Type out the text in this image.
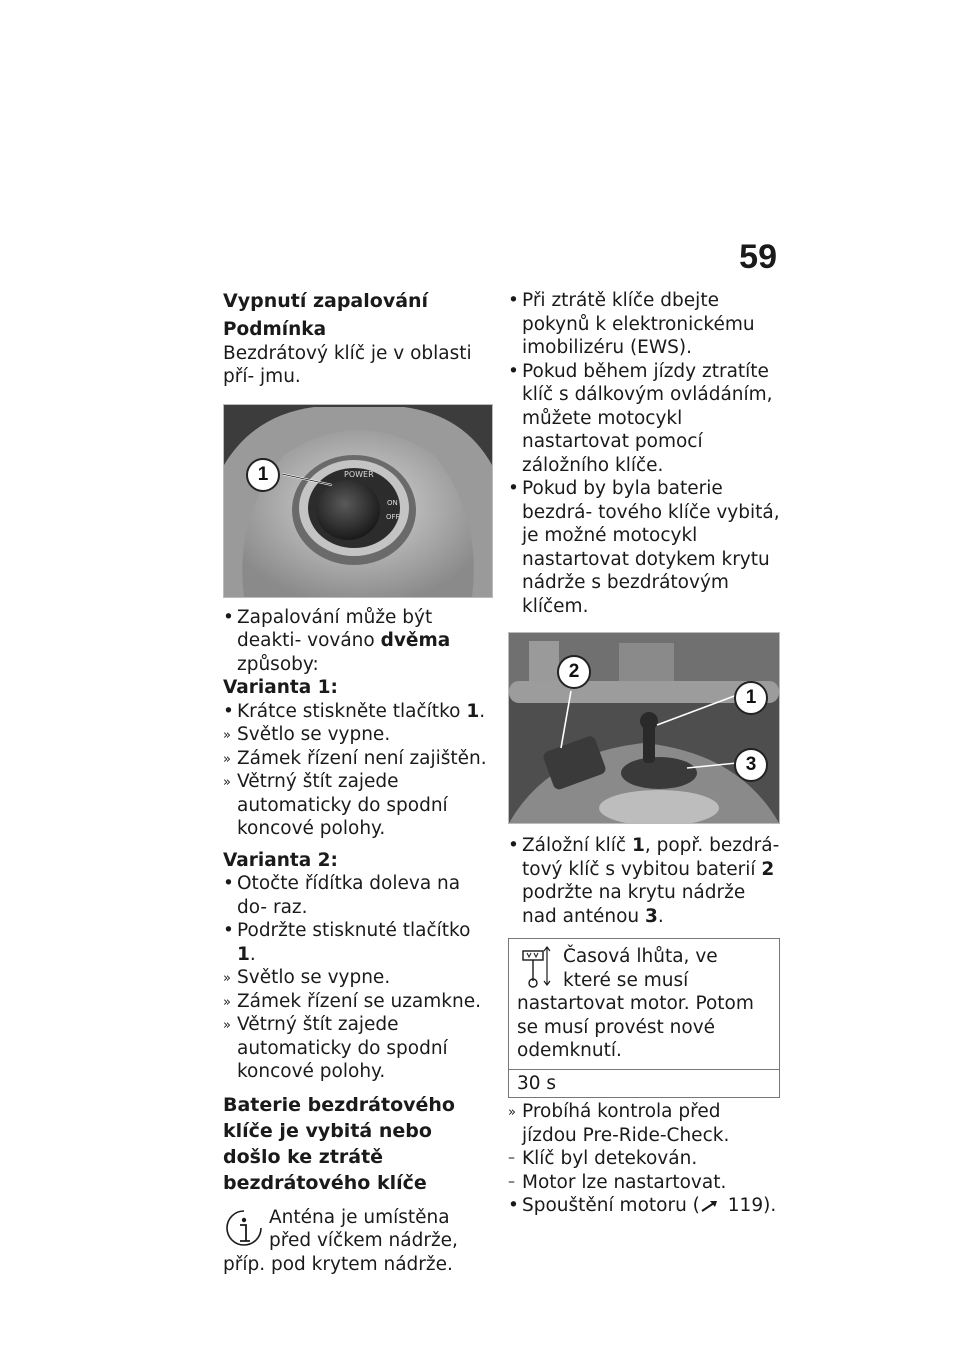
59

Vypnutí zapalování

Podmínka

Bezdrátový klíč je v oblasti pří- jmu.

POWER
ON
OFF
1

• Zapalování může být deakti- vováno dvěma způsoby:

Varianta 1:

• Krátce stiskněte tlačítko 1.

» Světlo se vypne.

» Zámek řízení není zajištěn.

» Větrný štít zajede automaticky do spodní koncové polohy.

Varianta 2:

• Otočte řídítka doleva na do- raz.

• Podržte stisknuté tlačítko 1.

» Světlo se vypne.

» Zámek řízení se uzamkne.

» Větrný štít zajede automaticky do spodní koncové polohy.

Baterie bezdrátového klíče je vybitá nebo došlo ke ztrátě bezdrátového klíče

Anténa je umístěna před víčkem nádrže, příp. pod krytem nádrže.

• Při ztrátě klíče dbejte pokynů k elektronickému imobilizéru (EWS).

• Pokud během jízdy ztratíte klíč s dálkovým ovládáním, můžete motocykl nastartovat pomocí záložního klíče.

• Pokud by byla baterie bezdrá- tového klíče vybitá, je možné motocykl nastartovat dotykem krytu nádrže s bezdrátovým klíčem.

2
1
3

• Záložní klíč 1, popř. bezdrá- tový klíč s vybitou baterií 2 podržte na krytu nádrže nad anténou 3.

Časová lhůta, ve které se musí nastartovat motor. Potom se musí provést nové odemknutí.

30 s

» Probíhá kontrola před jízdou Pre-Ride-Check.

– Klíč byl detekován.

– Motor lze nastartovat.

• Spouštění motoru ( 119).
